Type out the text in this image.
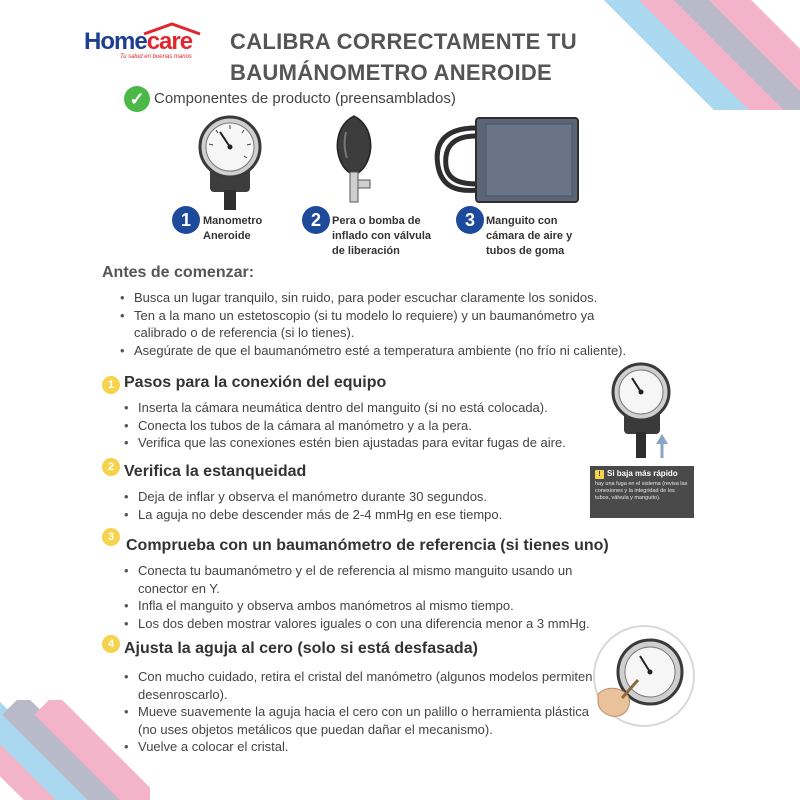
Homecare
Tu salud en buenas manos
CALIBRA CORRECTAMENTE TU
BAUMÁNOMETRO ANEROIDE
✓ Componentes de producto (preensamblados)
1	Manometro
Aneroide
2	Pera o bomba de
inflado con válvula
de liberación
3	Manguito con
cámara de aire y
tubos de goma
Antes de comenzar:
• Busca un lugar tranquilo, sin ruido, para poder escuchar claramente los sonidos.
• Ten a la mano un estetoscopio (si tu modelo lo requiere) y un baumanómetro ya calibrado o de referencia (si lo tienes).
• Asegúrate de que el baumanómetro esté a temperatura ambiente (no frío ni caliente).
1 Pasos para la conexión del equipo
• Inserta la cámara neumática dentro del manguito (si no está colocada).
• Conecta los tubos de la cámara al manómetro y a la pera.
• Verifica que las conexiones estén bien ajustadas para evitar fugas de aire.
2 Verifica la estanqueidad
• Deja de inflar y observa el manómetro durante 30 segundos.
• La aguja no debe descender más de 2-4 mmHg en ese tiempo.
! Si baja más rápido
hay una fuga en el sistema (revisa las conexiones y la integridad de los tubos, válvula y manguito).
3 Comprueba con un baumanómetro de referencia (si tienes uno)
• Conecta tu baumanómetro y el de referencia al mismo manguito usando un conector en Y.
• Infla el manguito y observa ambos manómetros al mismo tiempo.
• Los dos deben mostrar valores iguales o con una diferencia menor a 3 mmHg.
4 Ajusta la aguja al cero (solo si está desfasada)
• Con mucho cuidado, retira el cristal del manómetro (algunos modelos permiten desenroscarlo).
• Mueve suavemente la aguja hacia el cero con un palillo o herramienta plástica (no uses objetos metálicos que puedan dañar el mecanismo).
• Vuelve a colocar el cristal.
